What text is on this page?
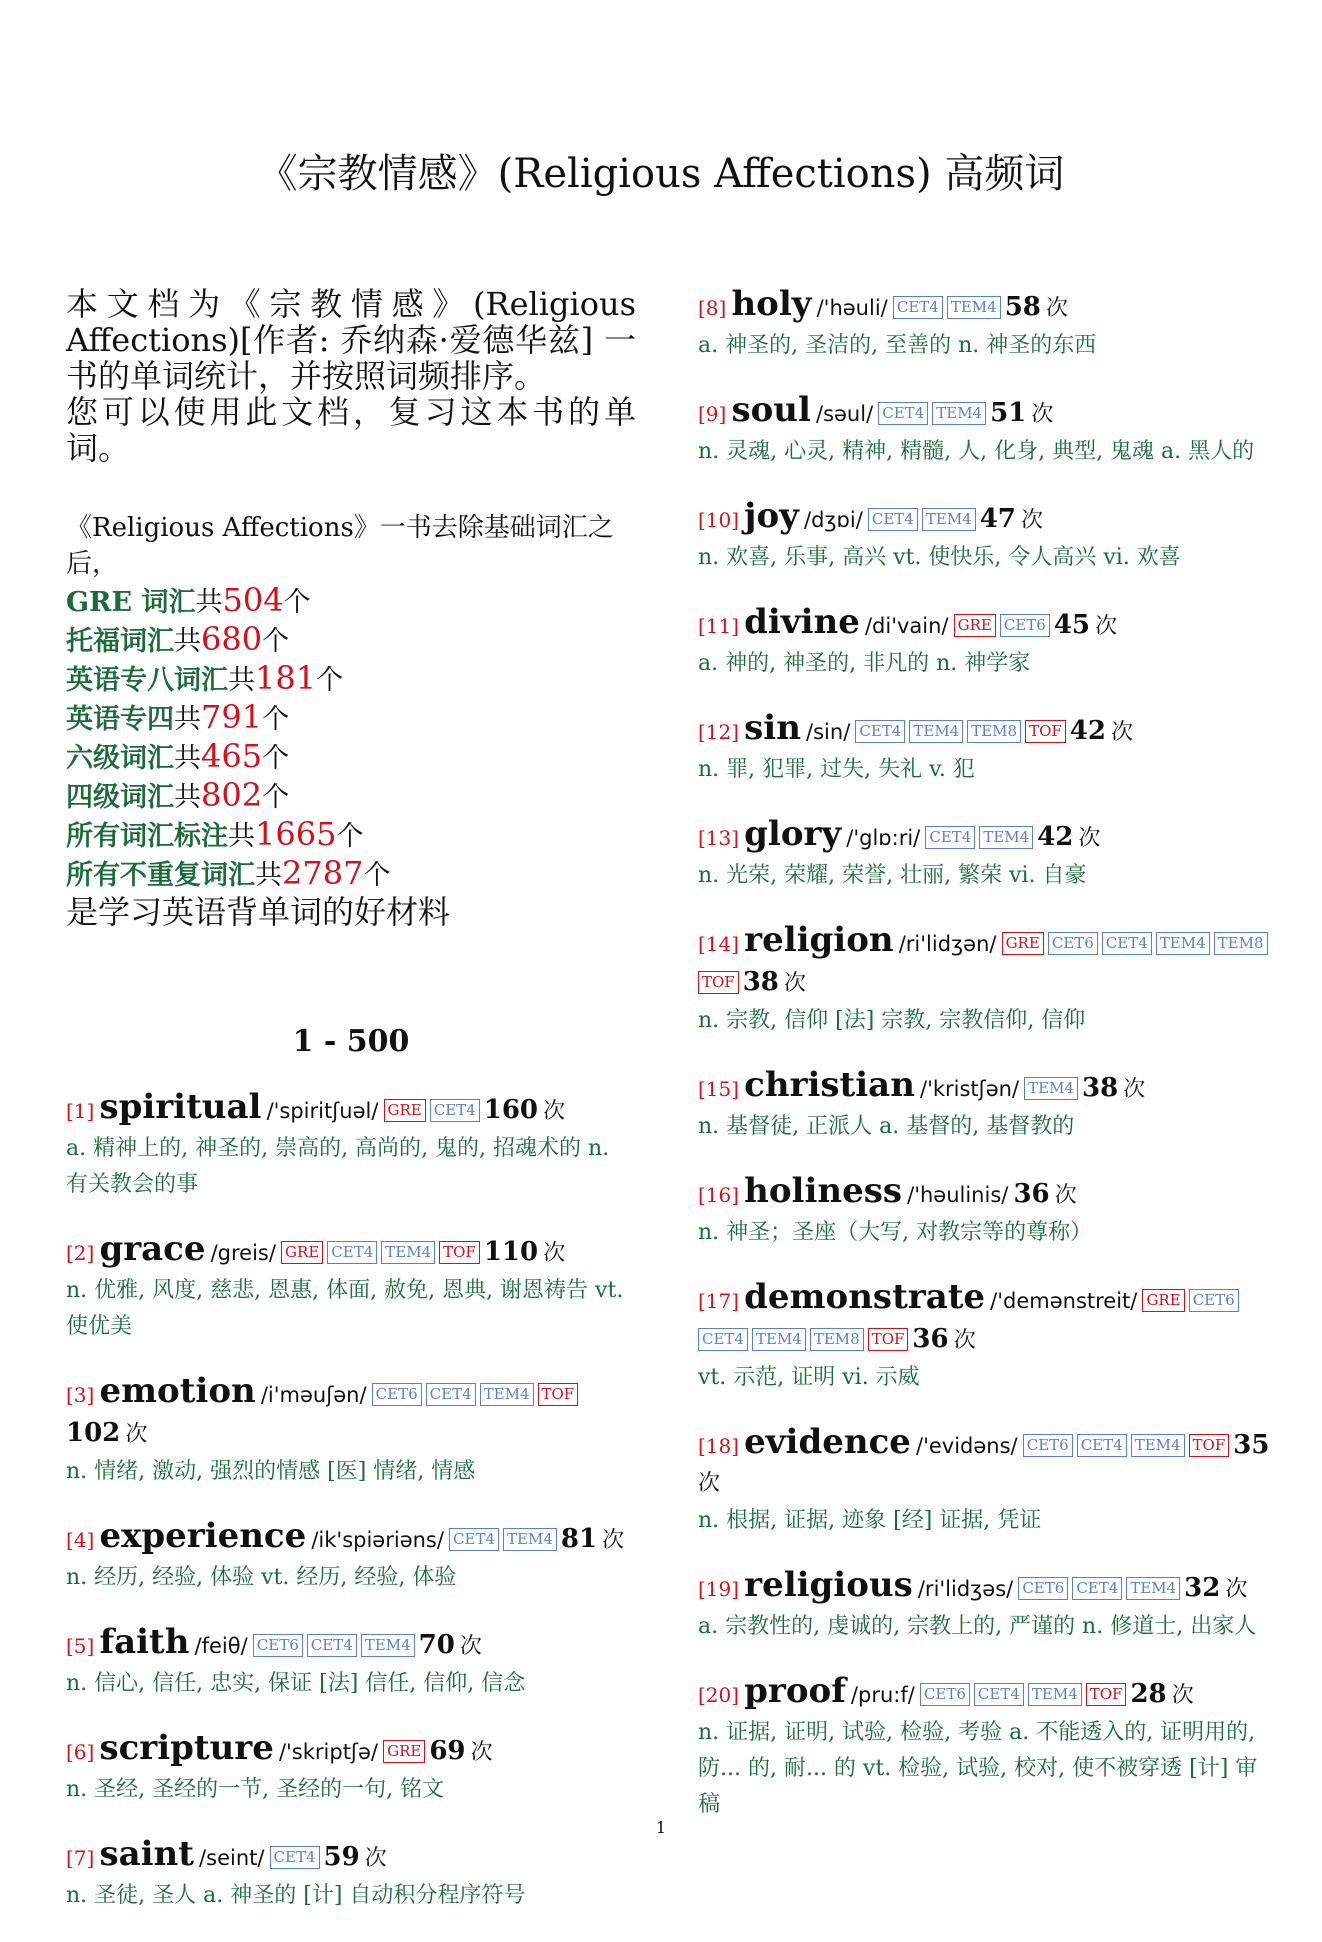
《宗教情感》(Religious Affections) 高频词
本文档为《宗教情感》(Religious Affections)[作者: 乔纳森·爱德华兹] 一书的单词统计，并按照词频排序。
您可以使用此文档，复习这本书的单词。
《Religious Affections》一书去除基础词汇之后，
GRE 词汇共504个
托福词汇共680个
英语专八词汇共181个
英语专四共791个
六级词汇共465个
四级词汇共802个
所有词汇标注共1665个
所有不重复词汇共2787个
是学习英语背单词的好材料
1 - 500
[1] spiritual /'spiritʃuəl/ GRE CET4 160 次
a. 精神上的, 神圣的, 崇高的, 高尚的, 鬼的, 招魂术的 n. 有关教会的事
[2] grace /greis/ GRE CET4 TEM4 TOF 110 次
n. 优雅, 风度, 慈悲, 恩惠, 体面, 赦免, 恩典, 谢恩祷告 vt. 使优美
[3] emotion /i'məuʃən/ CET6 CET4 TEM4 TOF102 次
n. 情绪, 激动, 强烈的情感 [医] 情绪, 情感
[4] experience /ik'spiəriəns/ CET4 TEM4 81 次
n. 经历, 经验, 体验 vt. 经历, 经验, 体验
[5] faith /feiθ/ CET6 CET4 TEM4 70 次
n. 信心, 信任, 忠实, 保证 [法] 信任, 信仰, 信念
[6] scripture /'skriptʃə/ GRE 69 次
n. 圣经, 圣经的一节, 圣经的一句, 铭文
[7] saint /seint/ CET4 59 次
n. 圣徒, 圣人 a. 神圣的 [计] 自动积分程序符号
[8] holy /'həuli/ CET4 TEM4 58 次
a. 神圣的, 圣洁的, 至善的 n. 神圣的东西
[9] soul /səul/ CET4 TEM4 51 次
n. 灵魂, 心灵, 精神, 精髓, 人, 化身, 典型, 鬼魂 a. 黑人的
[10] joy /dʒɒi/ CET4 TEM4 47 次
n. 欢喜, 乐事, 高兴 vt. 使快乐, 令人高兴 vi. 欢喜
[11] divine /di'vain/ GRE CET6 45 次
a. 神的, 神圣的, 非凡的 n. 神学家
[12] sin /sin/ CET4 TEM4 TEM8 TOF 42 次
n. 罪, 犯罪, 过失, 失礼 v. 犯
[13] glory /'glɒ:ri/ CET4 TEM4 42 次
n. 光荣, 荣耀, 荣誉, 壮丽, 繁荣 vi. 自豪
[14] religion /ri'lidʒən/ GRE CET6 CET4 TEM4 TEM8TOF 38 次
n. 宗教, 信仰 [法] 宗教, 宗教信仰, 信仰
[15] christian /'kristʃən/ TEM4 38 次
n. 基督徒, 正派人 a. 基督的, 基督教的
[16] holiness /'həulinis/ 36 次
n. 神圣；圣座（大写, 对教宗等的尊称）
[17] demonstrate /'demənstreit/ GRE CET6CET4 TEM4 TEM8 TOF 36 次
vt. 示范, 证明 vi. 示威
[18] evidence /'evidəns/ CET6 CET4 TEM4 TOF 35 次
n. 根据, 证据, 迹象 [经] 证据, 凭证
[19] religious /ri'lidʒəs/ CET6 CET4 TEM4 32 次
a. 宗教性的, 虔诚的, 宗教上的, 严谨的 n. 修道士, 出家人
[20] proof /pru:f/ CET6 CET4 TEM4 TOF 28 次
n. 证据, 证明, 试验, 检验, 考验 a. 不能透入的, 证明用的, 防... 的, 耐... 的 vt. 检验, 试验, 校对, 使不被穿透 [计] 审稿
1
